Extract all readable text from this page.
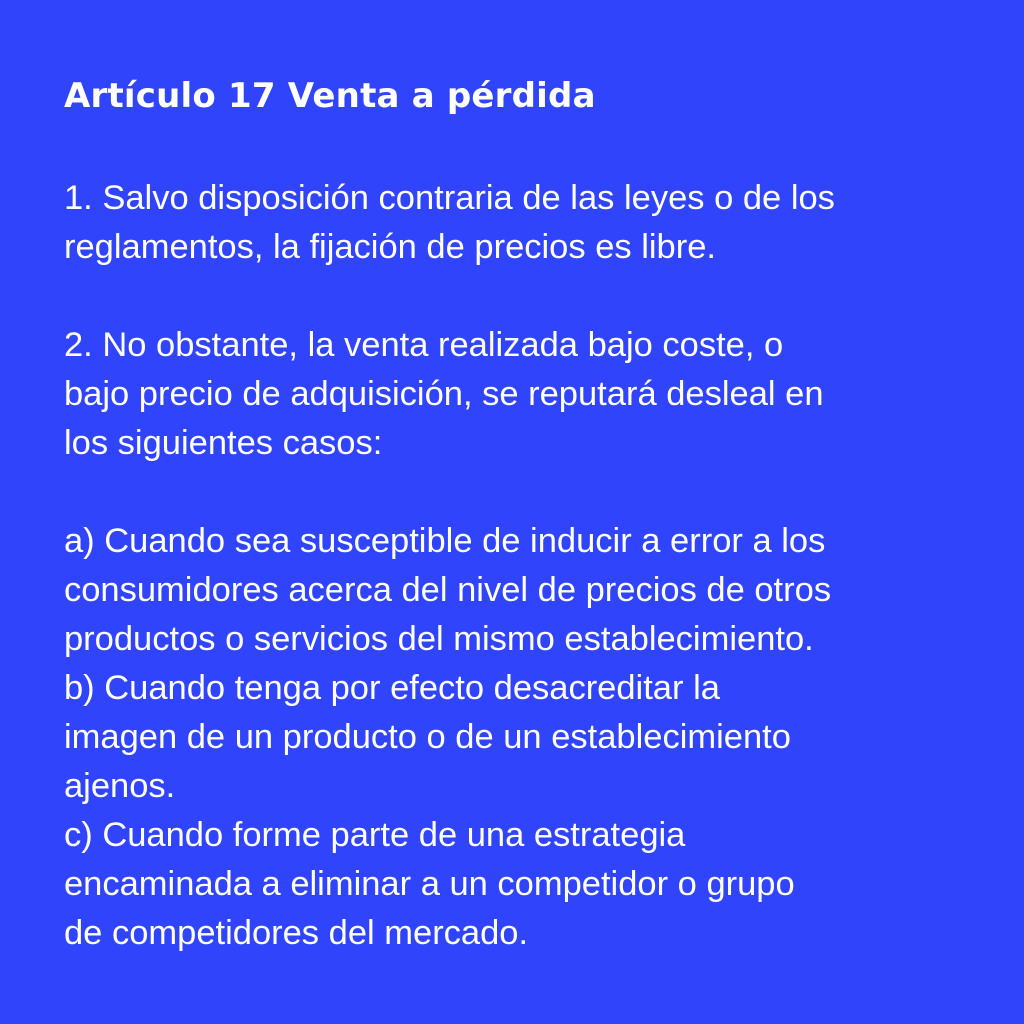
Artículo 17 Venta a pérdida

1. Salvo disposición contraria de las leyes o de los

reglamentos, la fijación de precios es libre.

2. No obstante, la venta realizada bajo coste, o

bajo precio de adquisición, se reputará desleal en

los siguientes casos:

a) Cuando sea susceptible de inducir a error a los

consumidores acerca del nivel de precios de otros

productos o servicios del mismo establecimiento.

b) Cuando tenga por efecto desacreditar la

imagen de un producto o de un establecimiento

ajenos.

c) Cuando forme parte de una estrategia

encaminada a eliminar a un competidor o grupo

de competidores del mercado.
